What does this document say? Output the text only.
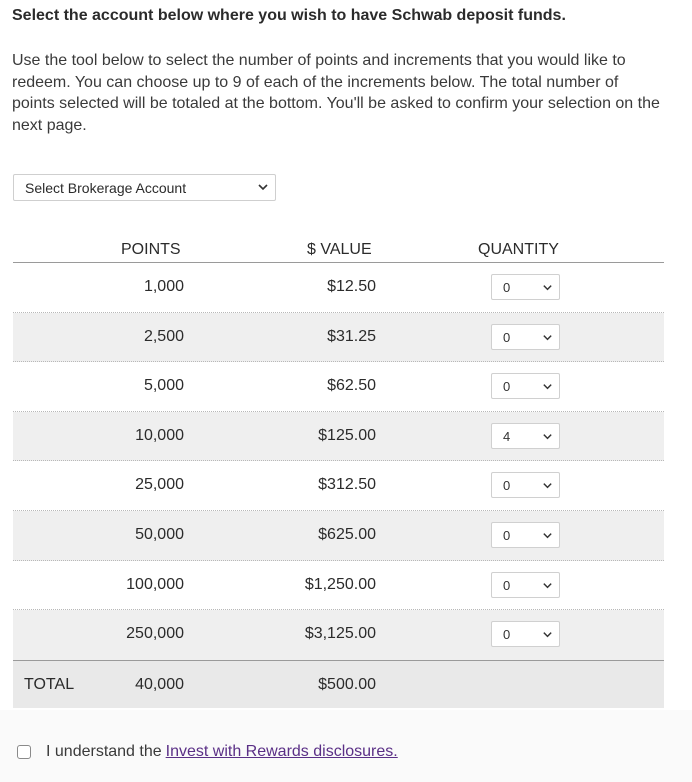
Select the account below where you wish to have Schwab deposit funds.

Use the tool below to select the number of points and increments that you would like to redeem. You can choose up to 9 of each of the increments below. The total number of points selected will be totaled at the bottom. You'll be asked to confirm your selection on the next page.

Select Brokerage Account
POINTS	$ VALUE	QUANTITY
1,000	$12.50	0
2,500	$31.25	0
5,000	$62.50	0
10,000	$125.00	4
25,000	$312.50	0
50,000	$625.00	0
100,000	$1,250.00	0
250,000	$3,125.00	0
TOTAL	40,000	$500.00
I understand the Invest with Rewards disclosures.
